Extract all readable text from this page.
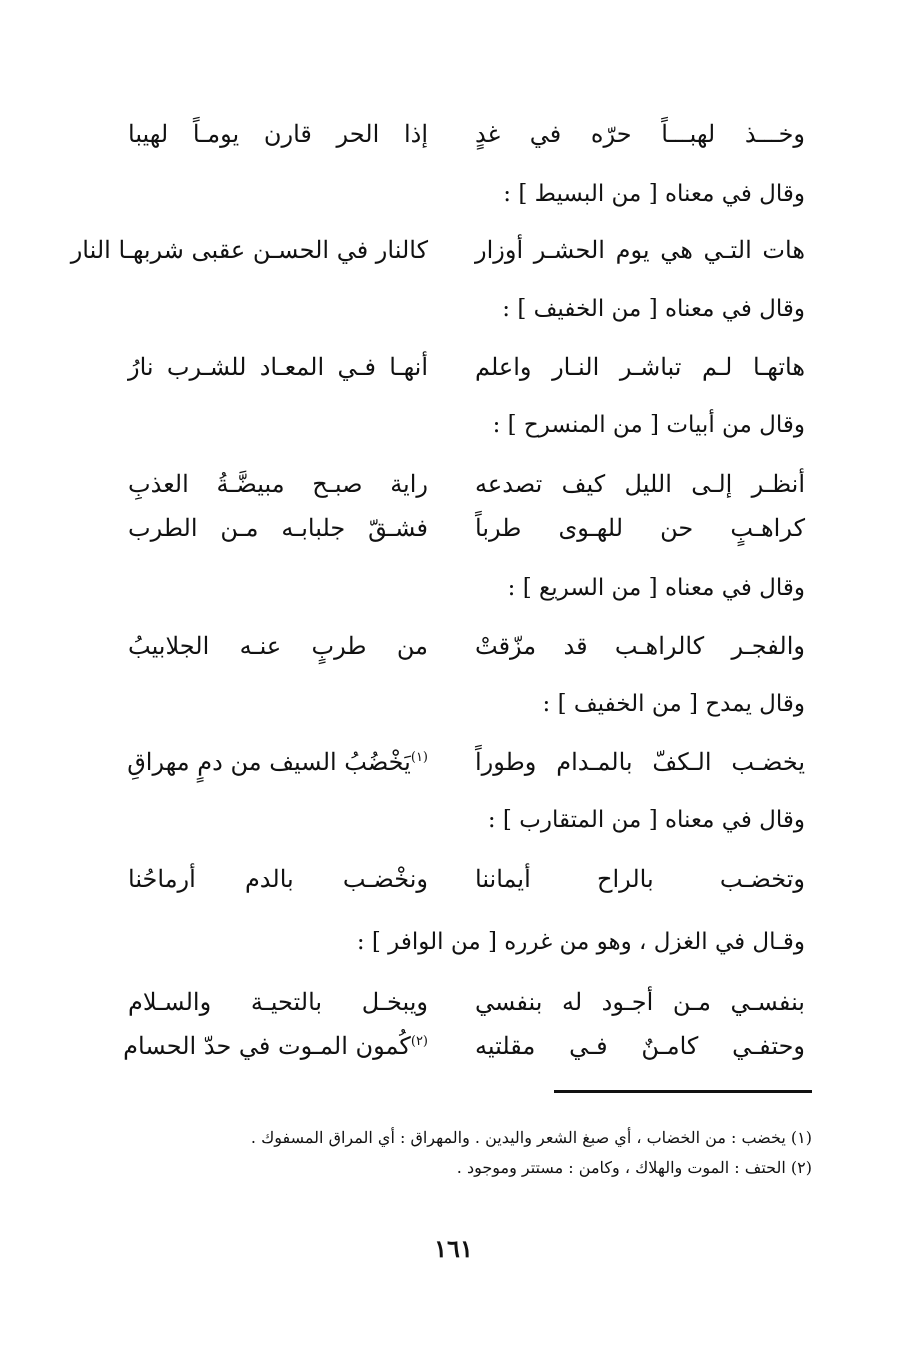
وخـــذ لهبـــاً حرّه في غدٍ
إذا الحر قارن يومـاً لهيبا
وقال في معناه [ من البسيط ] :
هات التـي هي يوم الحشـر أوزار
كالنار في الحسـن عقبى شربهـا النار
وقال في معناه [ من الخفيف ] :
هاتهـا لـم تباشـر النـار واعلم
أنهـا فـي المعـاد للشـرب نارُ
وقال من أبيات [ من المنسرح ] :
أنظـر إلـى الليل كيف تصدعه
راية صبـح مبيضَّـةُ العذبِ
كراهـبٍ حن للهـوى طرباً
فشـقّ جلبابـه مـن الطرب
وقال في معناه [ من السريع ] :
والفجـر كالراهـب قد مزّقتْ
من طربٍ عنـه الجلابيبُ
وقال يمدح [ من الخفيف ] :
يخضـب الـكفّ بالمـدام وطوراً
$^{(١)}$يَخْضُبُ السيف من دمٍ مهراقِ
وقال في معناه [ من المتقارب ] :
وتخضـب بالراح أيماننا
ونخْضـب بالدم أرماحُنا
وقـال في الغزل ، وهو من غرره [ من الوافر ] :
بنفسـي مـن أجـود له بنفسي
ويبخـل بالتحيـة والسـلام
وحتفـي كامـنٌ فـي مقلتيه
$^{(٢)}$كُمون المـوت في حدّ الحسام
(١) يخضب : من الخضاب ، أي صبغ الشعر واليدين . والمهراق : أي المراق المسفوك .
(٢) الحتف : الموت والهلاك ، وكامن : مستتر وموجود .
١٦١
